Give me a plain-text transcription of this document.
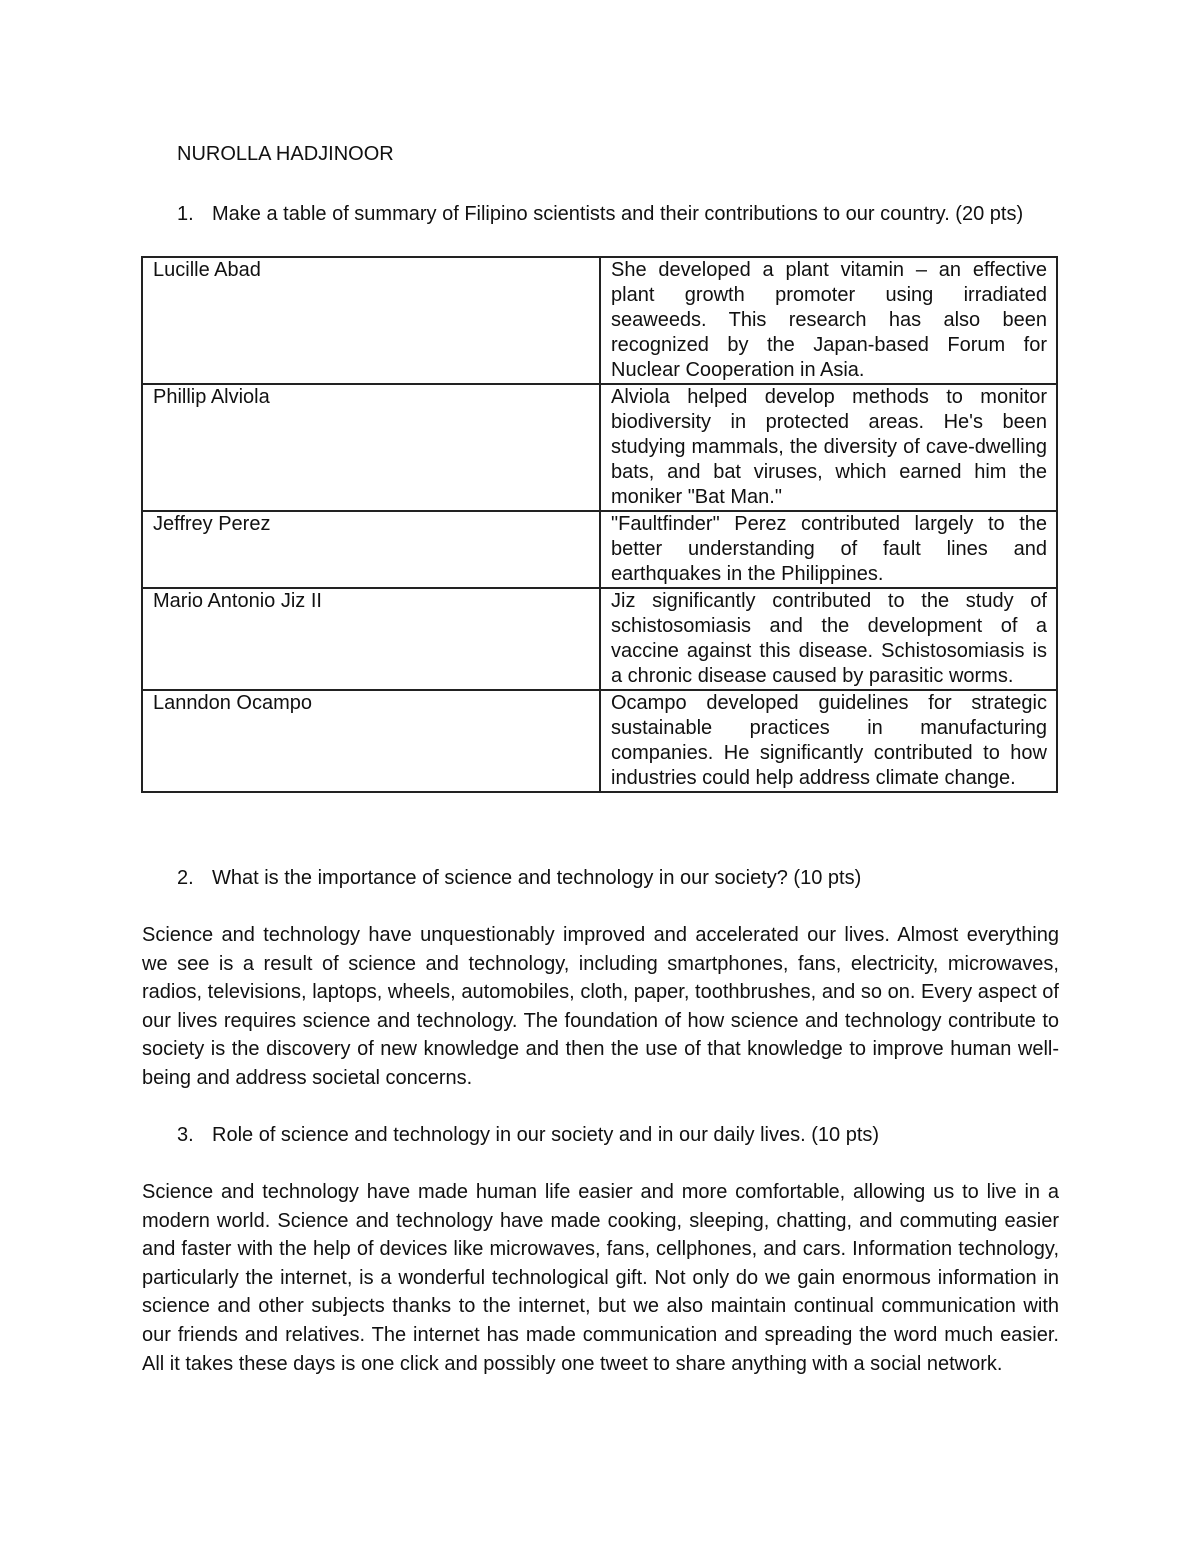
NUROLLA HADJINOOR
1. Make a table of summary of Filipino scientists and their contributions to our country. (20 pts)
Lucille Abad	She developed a plant vitamin – an effective plant growth promoter using irradiated seaweeds. This research has also been recognized by the Japan-based Forum for Nuclear Cooperation in Asia.
Phillip Alviola	Alviola helped develop methods to monitor biodiversity in protected areas. He's been studying mammals, the diversity of cave-dwelling bats, and bat viruses, which earned him the moniker "Bat Man."
Jeffrey Perez	"Faultfinder" Perez contributed largely to the better understanding of fault lines and earthquakes in the Philippines.
Mario Antonio Jiz II	Jiz significantly contributed to the study of schistosomiasis and the development of a vaccine against this disease. Schistosomiasis is a chronic disease caused by parasitic worms.
Lanndon Ocampo	Ocampo developed guidelines for strategic sustainable practices in manufacturing companies. He significantly contributed to how industries could help address climate change.
2. What is the importance of science and technology in our society? (10 pts)

Science and technology have unquestionably improved and accelerated our lives. Almost everything we see is a result of science and technology, including smartphones, fans, electricity, microwaves, radios, televisions, laptops, wheels, automobiles, cloth, paper, toothbrushes, and so on. Every aspect of our lives requires science and technology. The foundation of how science and technology contribute to society is the discovery of new knowledge and then the use of that knowledge to improve human well-being and address societal concerns.

3. Role of science and technology in our society and in our daily lives. (10 pts)

Science and technology have made human life easier and more comfortable, allowing us to live in a modern world. Science and technology have made cooking, sleeping, chatting, and commuting easier and faster with the help of devices like microwaves, fans, cellphones, and cars. Information technology, particularly the internet, is a wonderful technological gift. Not only do we gain enormous information in science and other subjects thanks to the internet, but we also maintain continual communication with our friends and relatives. The internet has made communication and spreading the word much easier. All it takes these days is one click and possibly one tweet to share anything with a social network.
